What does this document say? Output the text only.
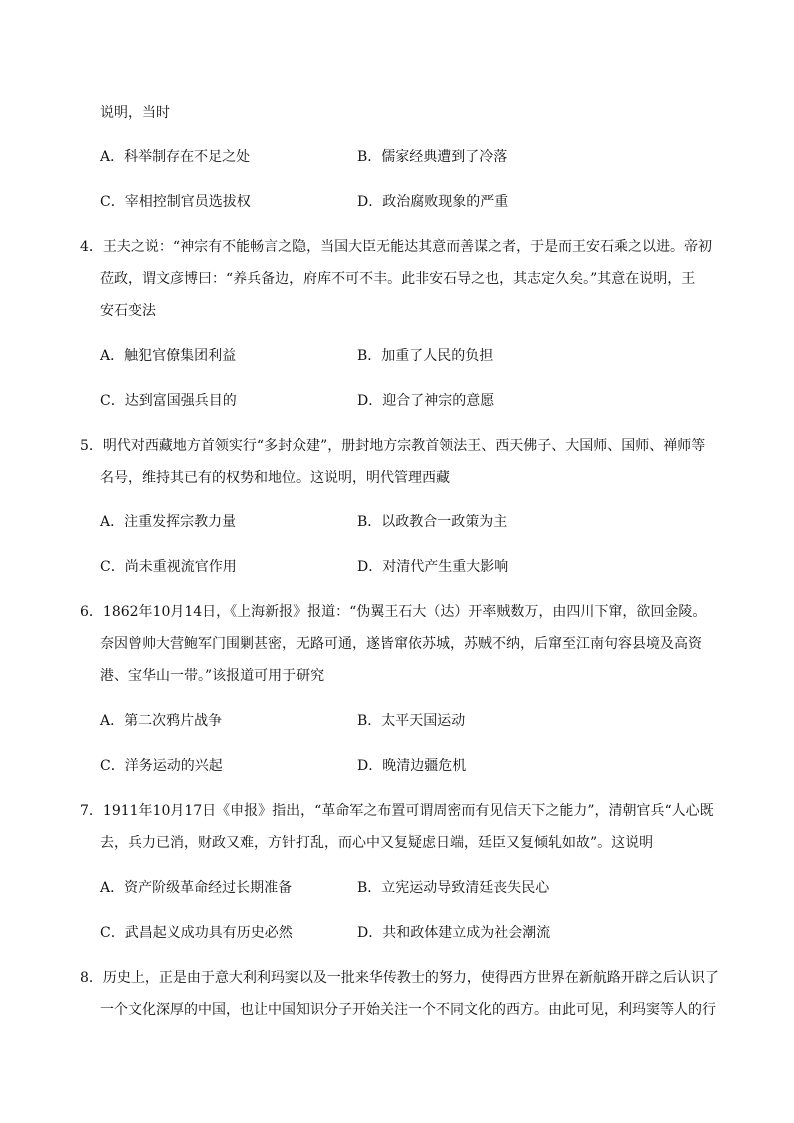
说明，当时
A．科举制存在不足之处	B．儒家经典遭到了冷落
C．宰相控制官员选拔权	D．政治腐败现象的严重
4．王夫之说：“神宗有不能畅言之隐，当国大臣无能达其意而善谋之者，于是而王安石乘之以进。帝初
莅政，谓文彦博曰：“养兵备边，府库不可不丰。此非安石导之也，其志定久矣。”其意在说明，王
安石变法
A．触犯官僚集团利益	B．加重了人民的负担
C．达到富国强兵目的	D．迎合了神宗的意愿
5．明代对西藏地方首领实行“多封众建”，册封地方宗教首领法王、西天佛子、大国师、国师、禅师等
名号，维持其已有的权势和地位。这说明，明代管理西藏
A．注重发挥宗教力量	B．以政教合一政策为主
C．尚未重视流官作用	D．对清代产生重大影响
6．1862年10月14日，《上海新报》报道：“伪翼王石大（达）开率贼数万，由四川下窜，欲回金陵。
奈因曾帅大营鲍军门围剿甚密，无路可通，遂皆窜依苏城，苏贼不纳，后窜至江南句容县境及高资
港、宝华山一带。”该报道可用于研究
A．第二次鸦片战争	B．太平天国运动
C．洋务运动的兴起	D．晚清边疆危机
7．1911年10月17日《申报》指出，“革命军之布置可谓周密而有见信天下之能力”，清朝官兵“人心既
去，兵力已消，财政又难，方针打乱，而心中又复疑虑日端，廷臣又复倾轧如故”。这说明
A．资产阶级革命经过长期准备	B．立宪运动导致清廷丧失民心
C．武昌起义成功具有历史必然	D．共和政体建立成为社会潮流
8．历史上，正是由于意大利利玛窦以及一批来华传教士的努力，使得西方世界在新航路开辟之后认识了
一个文化深厚的中国，也让中国知识分子开始关注一个不同文化的西方。由此可见，利玛窦等人的行
